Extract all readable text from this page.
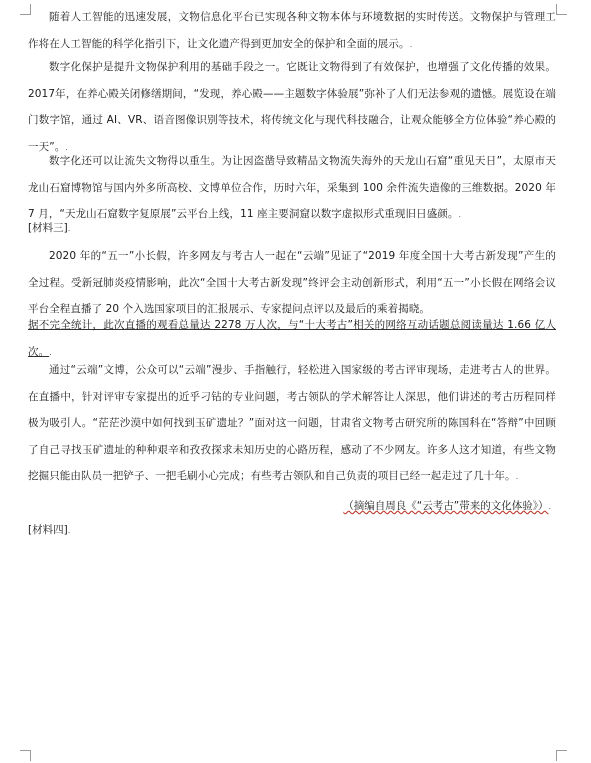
随着人工智能的迅速发展，文物信息化平台已实现各种文物本体与环境数据的实时传送。文物保护与管理工作将在人工智能的科学化指引下，让文化遗产得到更加安全的保护和全面的展示。.
数字化保护是提升文物保护利用的基础手段之一。它既让文物得到了有效保护，也增强了文化传播的效果。2017年，在养心殿关闭修缮期间，“发现，养心殿——主题数字体验展”弥补了人们无法参观的遗憾。展览设在端门数字馆，通过 AI、VR、语音图像识别等技术，将传统文化与现代科技融合，让观众能够全方位体验“养心殿的一天”。.
数字化还可以让流失文物得以重生。为让因盗凿导致精品文物流失海外的天龙山石窟“重见天日”，太原市天龙山石窟博物馆与国内外多所高校、文博单位合作，历时六年，采集到 100 余件流失造像的三维数据。2020 年 7 月，“天龙山石窟数字复原展”云平台上线，11 座主要洞窟以数字虚拟形式重现旧日盛颜。.
[材料三].
2020 年的“五一”小长假，许多网友与考古人一起在“云端”见证了“2019 年度全国十大考古新发现”产生的全过程。受新冠肺炎疫情影响，此次“全国十大考古新发现”终评会主动创新形式，利用“五一”小长假在网络会议平台全程直播了 20 个入选国家项目的汇报展示、专家提问点评以及最后的乘着揭晓。
据不完全统计，此次直播的观看总量达 2278 万人次，与“十大考古”相关的网络互动话题总阅读量达 1.66 亿人次。.
通过“云端”文博，公众可以“云端”漫步、手指触行，轻松进入国家级的考古评审现场，走进考古人的世界。在直播中，针对评审专家提出的近乎刁钻的专业问题，考古领队的学术解答让人深思，他们讲述的考古历程同样极为吸引人。“茫茫沙漠中如何找到玉矿遗址？”面对这一问题，甘肃省文物考古研究所的陈国科在“答辩”中回顾了自己寻找玉矿遗址的种种艰辛和孜孜探求未知历史的心路历程，感动了不少网友。许多人这才知道，有些文物挖掘只能由队员一把铲子、一把毛刷小心完成；有些考古领队和自己负责的项目已经一起走过了几十年。.
（摘编自周良《“云考古”带来的文化体验》）.
[材料四].
